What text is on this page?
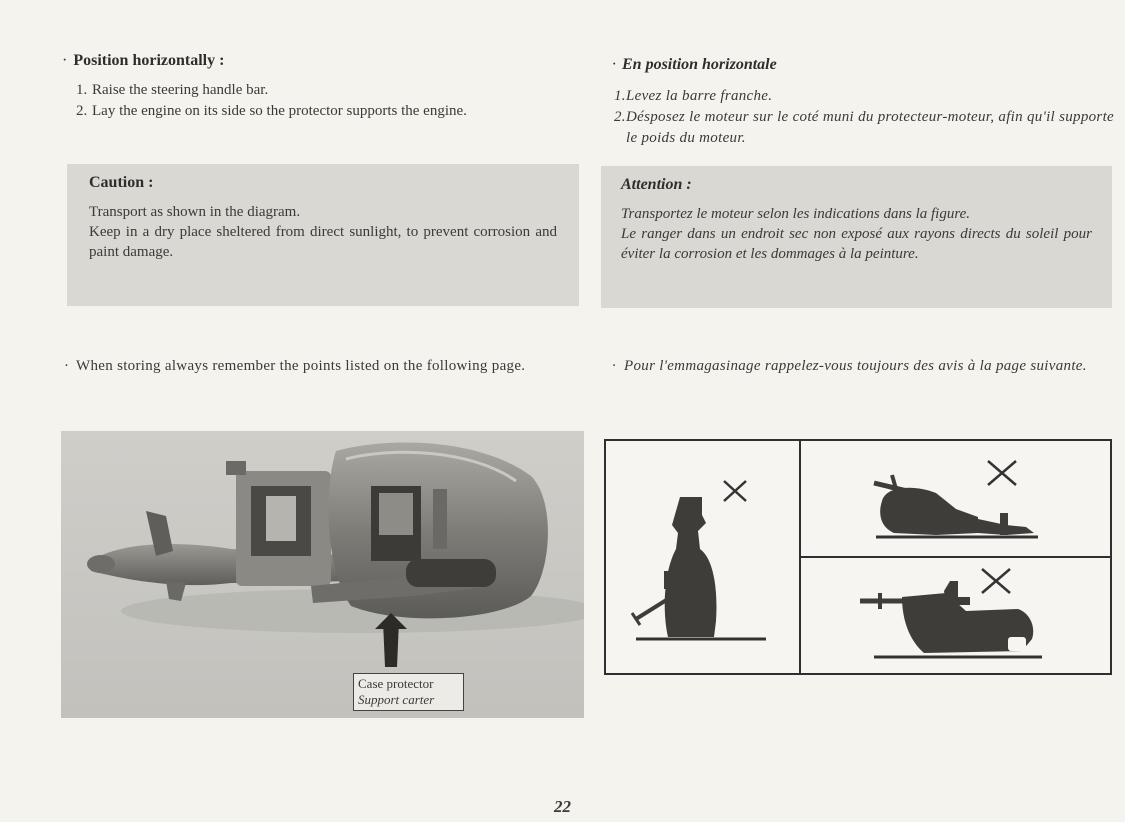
· Position horizontally :
1. Raise the steering handle bar.
2. Lay the engine on its side so the protector supports the engine.
Caution :
Transport as shown in the diagram.
Keep in a dry place sheltered from direct sunlight, to prevent corrosion and paint damage.
· When storing always remember the points listed on the following page.
· En position horizontale
1. Levez la barre franche.
2. Désposez le moteur sur le coté muni du protecteur-moteur, afin qu'il supporte le poids du moteur.
Attention :
Transportez le moteur selon les indications dans la figure.
Le ranger dans un endroit sec non exposé aux rayons directs du soleil pour éviter la corrosion et les dommages à la peinture.
· Pour l'emmagasinage rappelez-vous toujours des avis à la page suivante.
Case protector
Support carter
22
